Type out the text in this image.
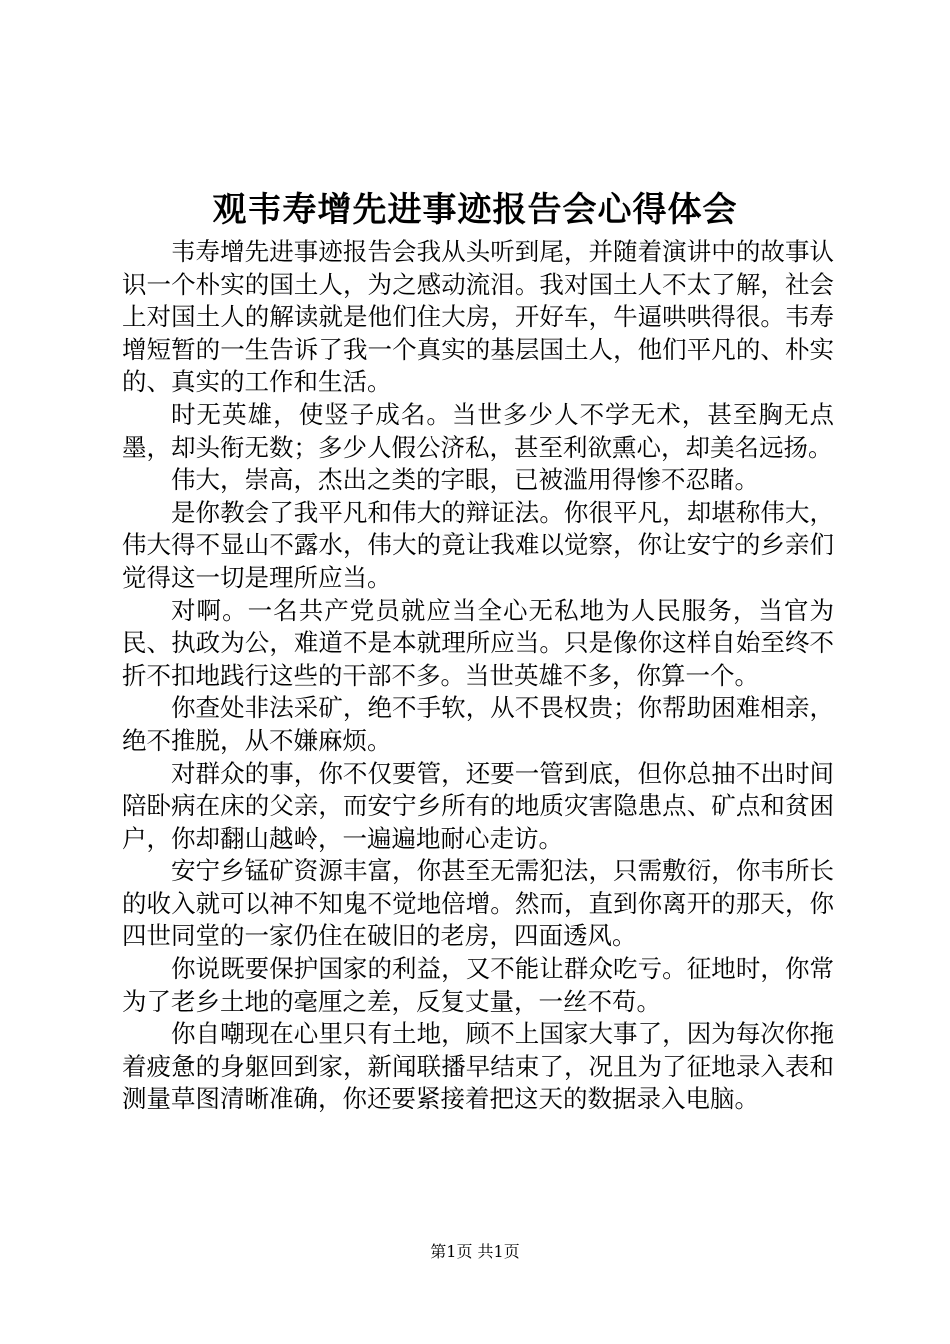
观韦寿增先进事迹报告会心得体会

韦寿增先进事迹报告会我从头听到尾，并随着演讲中的故事认识一个朴实的国土人，为之感动流泪。我对国土人不太了解，社会上对国土人的解读就是他们住大房，开好车，牛逼哄哄得很。韦寿增短暂的一生告诉了我一个真实的基层国土人，他们平凡的、朴实的、真实的工作和生活。

时无英雄，使竖子成名。当世多少人不学无术，甚至胸无点墨，却头衔无数；多少人假公济私，甚至利欲熏心，却美名远扬。

伟大，崇高，杰出之类的字眼，已被滥用得惨不忍睹。

是你教会了我平凡和伟大的辩证法。你很平凡，却堪称伟大，伟大得不显山不露水，伟大的竟让我难以觉察，你让安宁的乡亲们觉得这一切是理所应当。

对啊。一名共产党员就应当全心无私地为人民服务，当官为民、执政为公，难道不是本就理所应当。只是像你这样自始至终不折不扣地践行这些的干部不多。当世英雄不多，你算一个。

你查处非法采矿，绝不手软，从不畏权贵；你帮助困难相亲，绝不推脱，从不嫌麻烦。

对群众的事，你不仅要管，还要一管到底，但你总抽不出时间陪卧病在床的父亲，而安宁乡所有的地质灾害隐患点、矿点和贫困户，你却翻山越岭，一遍遍地耐心走访。

安宁乡锰矿资源丰富，你甚至无需犯法，只需敷衍，你韦所长的收入就可以神不知鬼不觉地倍增。然而，直到你离开的那天，你四世同堂的一家仍住在破旧的老房，四面透风。

你说既要保护国家的利益，又不能让群众吃亏。征地时，你常为了老乡土地的毫厘之差，反复丈量，一丝不苟。

你自嘲现在心里只有土地，顾不上国家大事了，因为每次你拖着疲惫的身躯回到家，新闻联播早结束了，况且为了征地录入表和测量草图清晰准确，你还要紧接着把这天的数据录入电脑。

第1页 共1页
